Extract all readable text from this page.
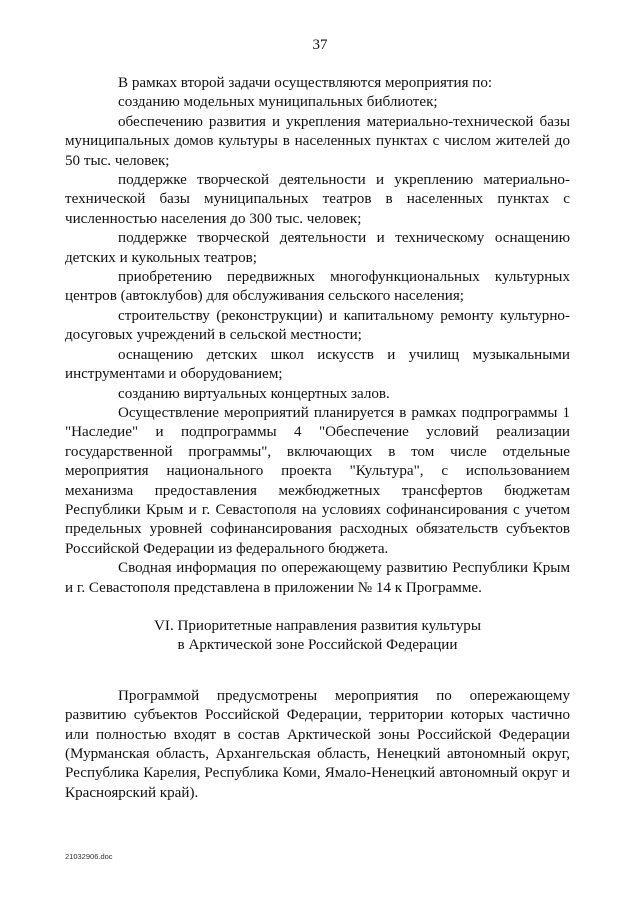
37

В рамках второй задачи осуществляются мероприятия по:

созданию модельных муниципальных библиотек;

обеспечению развития и укрепления материально-технической базы муниципальных домов культуры в населенных пунктах с числом жителей до 50 тыс. человек;

поддержке творческой деятельности и укреплению материально-технической базы муниципальных театров в населенных пунктах с численностью населения до 300 тыс. человек;

поддержке творческой деятельности и техническому оснащению детских и кукольных театров;

приобретению передвижных многофункциональных культурных центров (автоклубов) для обслуживания сельского населения;

строительству (реконструкции) и капитальному ремонту культурно-досуговых учреждений в сельской местности;

оснащению детских школ искусств и училищ музыкальными инструментами и оборудованием;

созданию виртуальных концертных залов.

Осуществление мероприятий планируется в рамках подпрограммы 1 "Наследие" и подпрограммы 4 "Обеспечение условий реализации государственной программы", включающих в том числе отдельные мероприятия национального проекта "Культура", с использованием механизма предоставления межбюджетных трансфертов бюджетам Республики Крым и г. Севастополя на условиях софинансирования с учетом предельных уровней софинансирования расходных обязательств субъектов Российской Федерации из федерального бюджета.

Сводная информация по опережающему развитию Республики Крым и г. Севастополя представлена в приложении № 14 к Программе.

VI. Приоритетные направления развития культуры
в Арктической зоне Российской Федерации

Программой предусмотрены мероприятия по опережающему развитию субъектов Российской Федерации, территории которых частично или полностью входят в состав Арктической зоны Российской Федерации (Мурманская область, Архангельская область, Ненецкий автономный округ, Республика Карелия, Республика Коми, Ямало-Ненецкий автономный округ и Красноярский край).

21032906.doc
